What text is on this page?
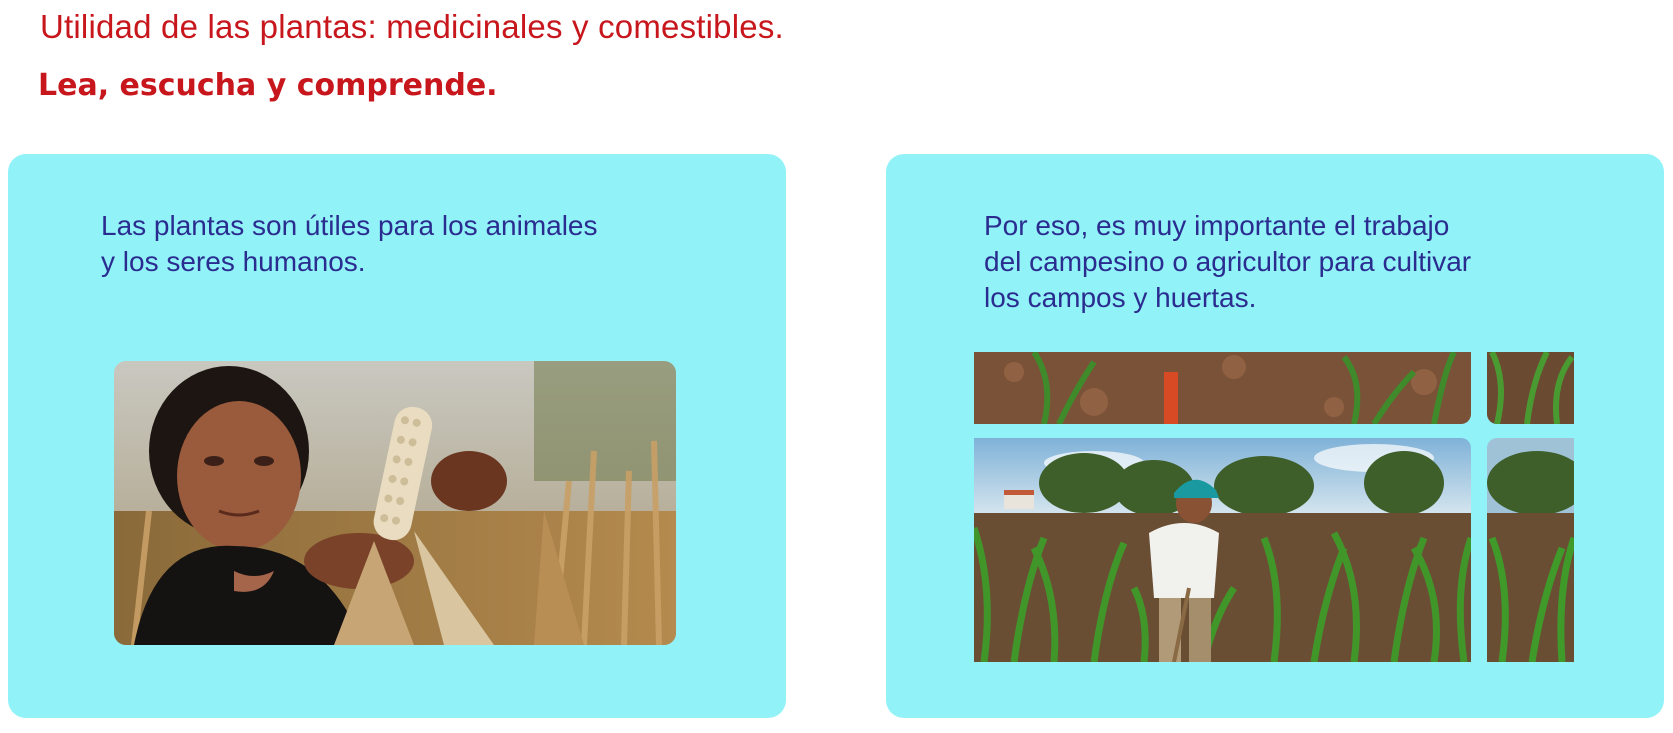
Utilidad de las plantas: medicinales y comestibles.
Lea, escucha y comprende.

Las plantas son útiles para los animales
y los seres humanos.

Por eso, es muy importante el trabajo
del campesino o agricultor para cultivar
los campos y huertas.
